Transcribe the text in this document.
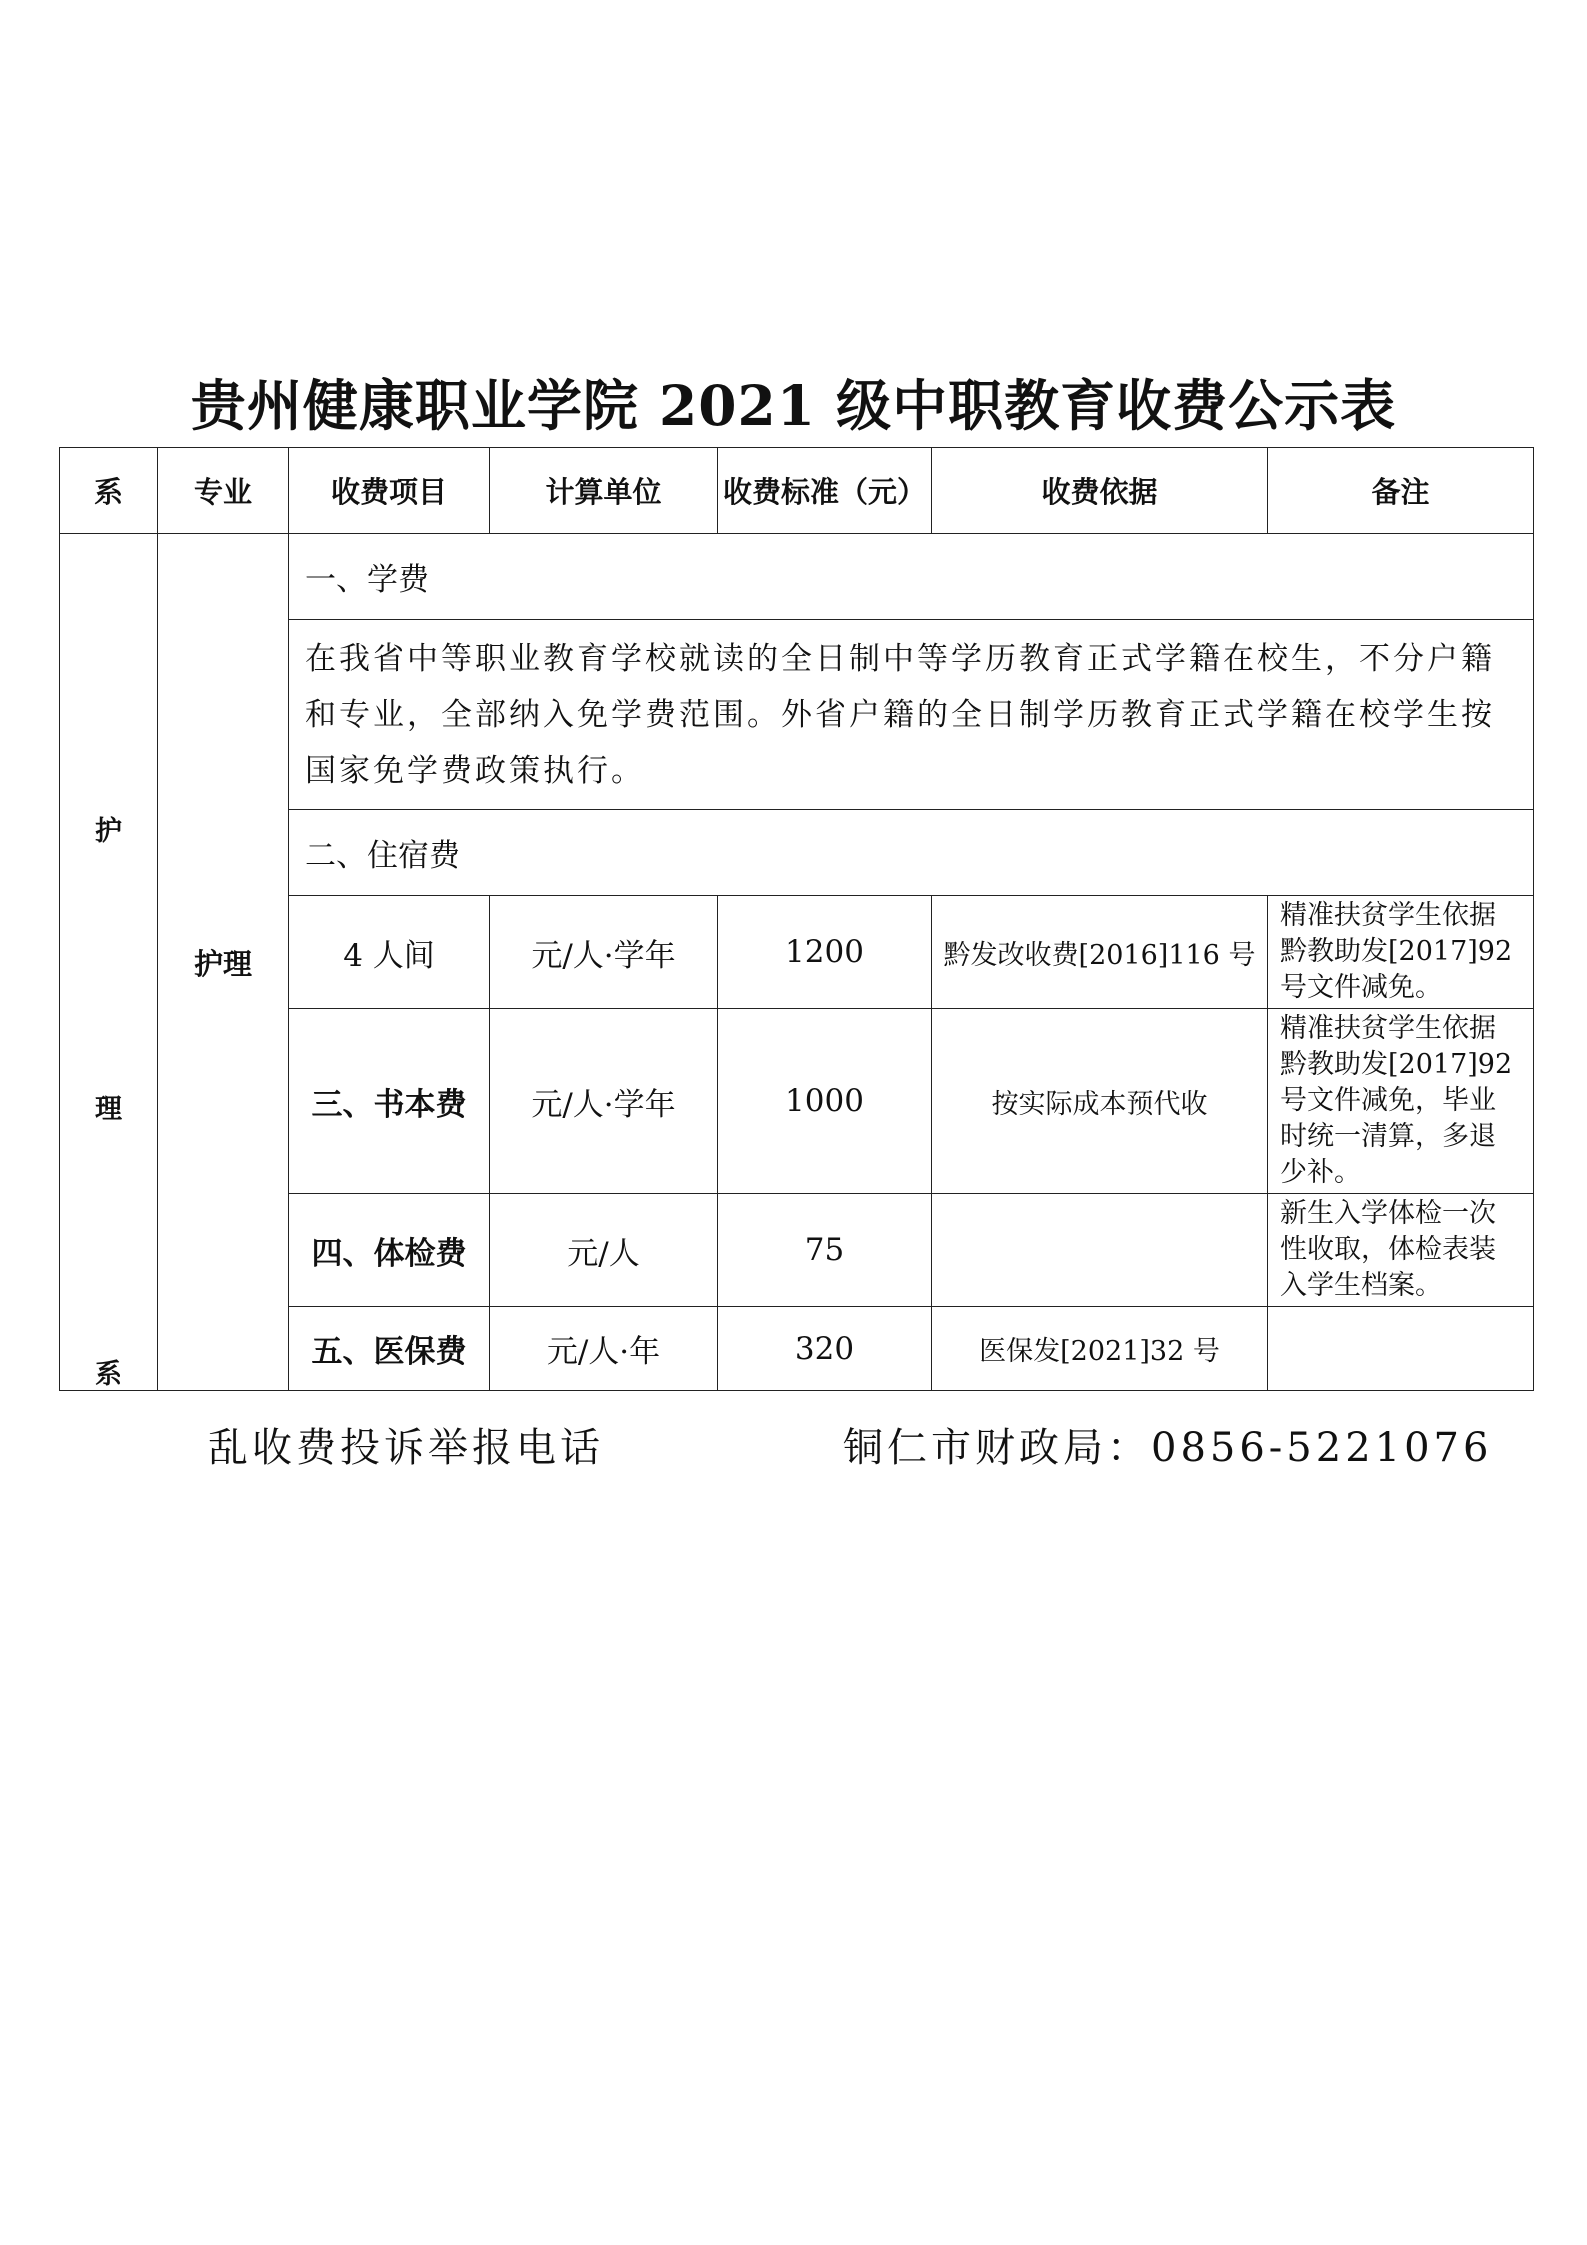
贵州健康职业学院 2021 级中职教育收费公示表
系	专业	收费项目	计算单位	收费标准（元）	收费依据	备注

护
理
系	护理	一、学费				
		在我省中等职业教育学校就读的全日制中等学历教育正式学籍在校生，不分户籍和专业，全部纳入免学费范围。外省户籍的全日制学历教育正式学籍在校学生按国家免学费政策执行。				
		二、住宿费				
		4 人间	元/人·学年	1200	黔发改收费[2016]116 号	精准扶贫学生依据黔教助发[2017]92 号文件减免。
		三、书本费	元/人·学年	1000	按实际成本预代收	精准扶贫学生依据黔教助发[2017]92 号文件减免，毕业时统一清算，多退少补。
		四、体检费	元/人	75		新生入学体检一次性收取，体检表装入学生档案。
		五、医保费	元/人·年	320	医保发[2021]32 号	
乱收费投诉举报电话	铜仁市财政局：0856-5221076
